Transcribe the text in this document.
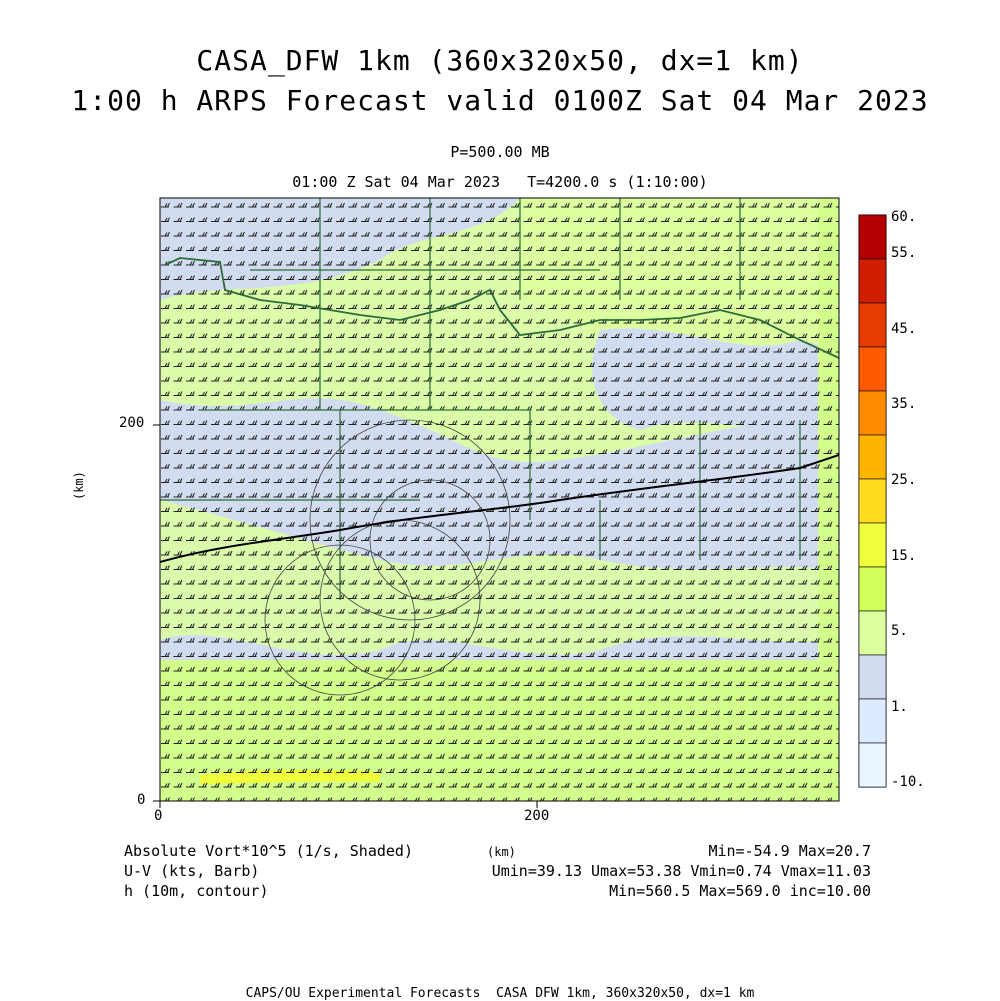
CASA_DFW 1km (360x320x50, dx=1 km)
1:00 h ARPS Forecast valid 0100Z Sat 04 Mar 2023
P=500.00 MB
01:00 Z Sat 04 Mar 2023   T=4200.0 s (1:10:00)
200
0
0	200
(km)
(km)
60.
55.
45.
35.
25.
15.
5.
1.
-10.
Absolute Vort*10^5 (1/s, Shaded)
U-V (kts, Barb)
h (10m, contour)
Min=-54.9 Max=20.7
Umin=39.13 Umax=53.38 Vmin=0.74 Vmax=11.03
Min=560.5 Max=569.0 inc=10.00
CAPS/OU Experimental Forecasts  CASA DFW 1km, 360x320x50, dx=1 km
